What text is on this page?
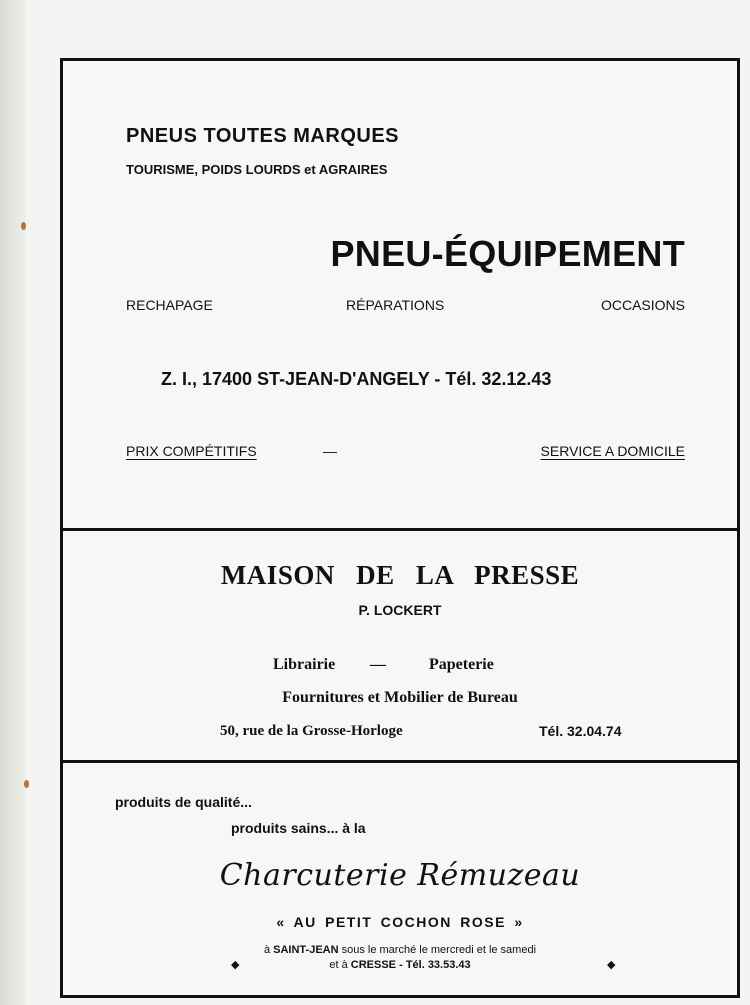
PNEUS TOUTES MARQUES
TOURISME, POIDS LOURDS et AGRAIRES
PNEU-ÉQUIPEMENT
RECHAPAGE	RÉPARATIONS	OCCASIONS
Z. I., 17400 ST-JEAN-D'ANGELY - Tél. 32.12.43
PRIX COMPÉTITIFS	—	SERVICE A DOMICILE
MAISON DE LA PRESSE
P. LOCKERT
Librairie —	Papeterie
Fournitures et Mobilier de Bureau
50, rue de la Grosse-Horloge	Tél. 32.04.74
produits de qualité...
produits sains... à la
Charcuterie Rémuzeau
« AU PETIT COCHON ROSE »
à SAINT-JEAN sous le marché le mercredi et le samedi
et à CRESSE - Tél. 33.53.43
◆	◆
